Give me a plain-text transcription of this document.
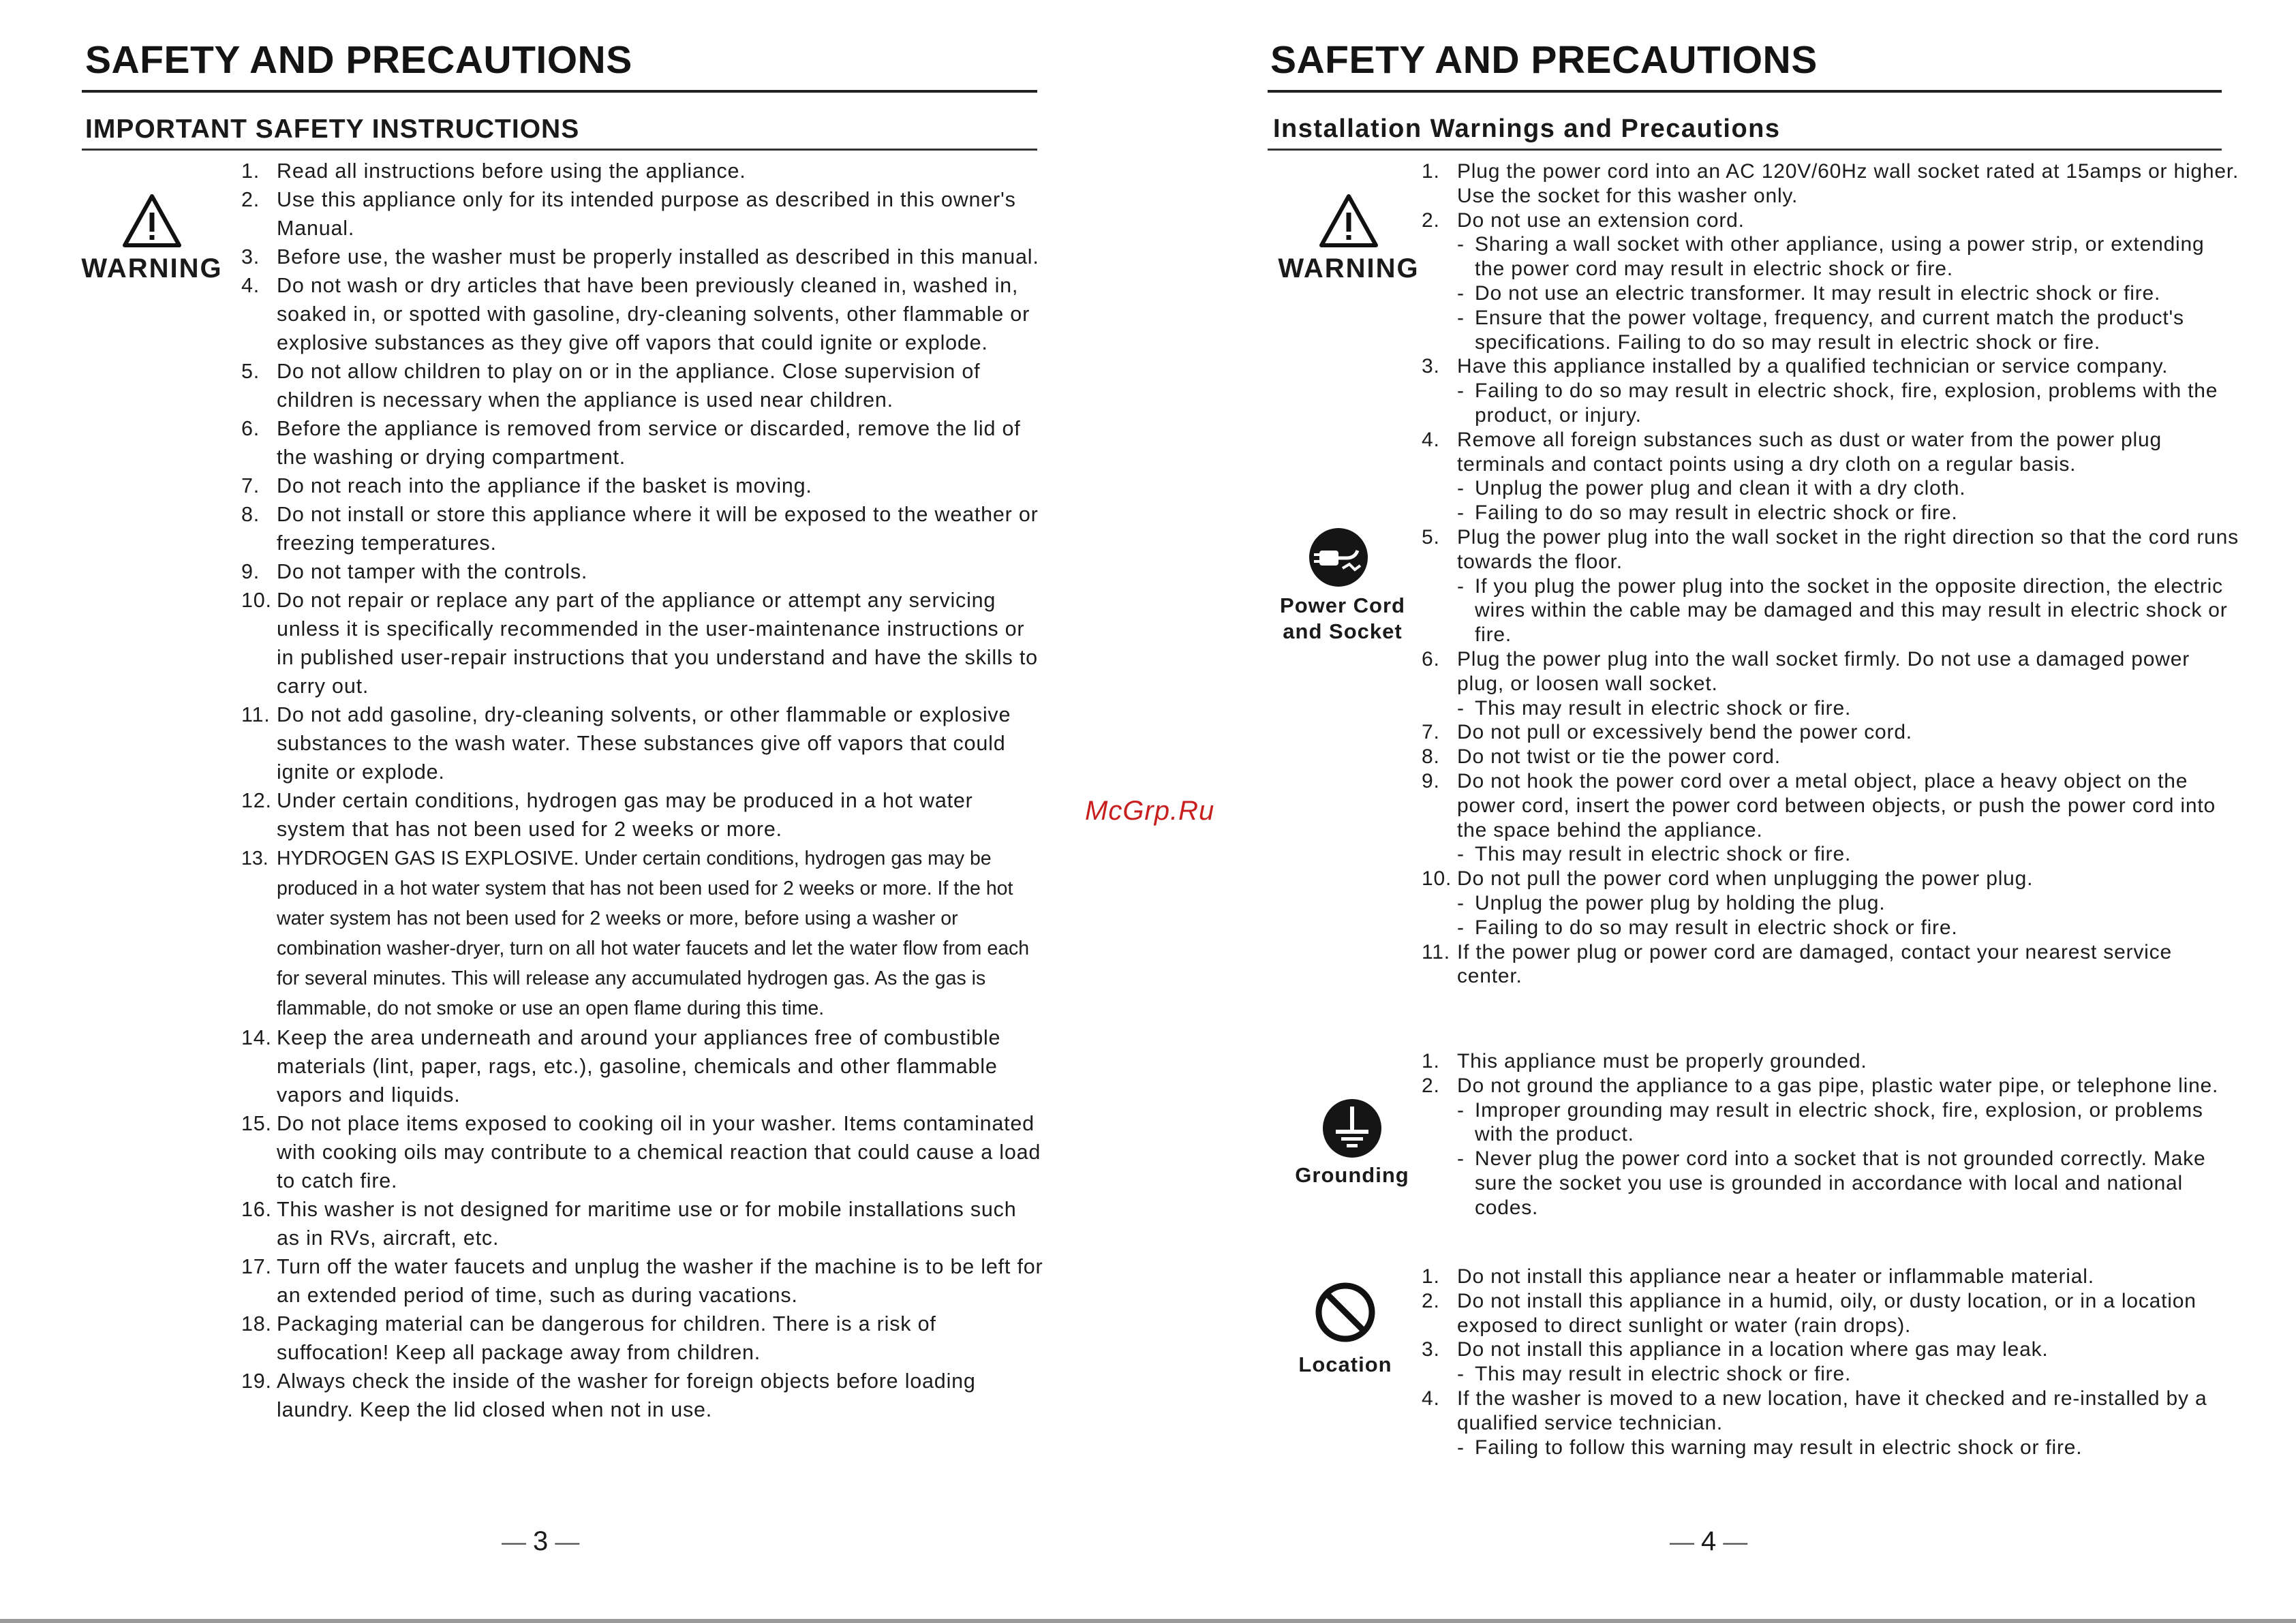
SAFETY AND PRECAUTIONS
IMPORTANT SAFETY INSTRUCTIONS
WARNING
1. Read all instructions before using the appliance.
2. Use this appliance only for its intended purpose as described in this owner's Manual.
3. Before use, the washer must be properly installed as described in this manual.
4. Do not wash or dry articles that have been previously cleaned in, washed in, soaked in, or spotted with gasoline, dry-cleaning solvents, other flammable or explosive substances as they give off vapors that could ignite or explode.
5. Do not allow children to play on or in the appliance. Close supervision of children is necessary when the appliance is used near children.
6. Before the appliance is removed from service or discarded, remove the lid of the washing or drying compartment.
7. Do not reach into the appliance if the basket is moving.
8. Do not install or store this appliance where it will be exposed to the weather or freezing temperatures.
9. Do not tamper with the controls.
10. Do not repair or replace any part of the appliance or attempt any servicing unless it is specifically recommended in the user-maintenance instructions or in published user-repair instructions that you understand and have the skills to carry out.
11. Do not add gasoline, dry-cleaning solvents, or other flammable or explosive substances to the wash water. These substances give off vapors that could ignite or explode.
12. Under certain conditions, hydrogen gas may be produced in a hot water system that has not been used for 2 weeks or more.
13. HYDROGEN GAS IS EXPLOSIVE. Under certain conditions, hydrogen gas may be produced in a hot water system that has not been used for 2 weeks or more. If the hot water system has not been used for 2 weeks or more, before using a washer or combination washer-dryer, turn on all hot water faucets and let the water flow from each for several minutes. This will release any accumulated hydrogen gas. As the gas is flammable, do not smoke or use an open flame during this time.
14. Keep the area underneath and around your appliances free of combustible materials (lint, paper, rags, etc.), gasoline, chemicals and other flammable vapors and liquids.
15. Do not place items exposed to cooking oil in your washer. Items contaminated with cooking oils may contribute to a chemical reaction that could cause a load to catch fire.
16. This washer is not designed for maritime use or for mobile installations such as in RVs, aircraft, etc.
17. Turn off the water faucets and unplug the washer if the machine is to be left for an extended period of time, such as during vacations.
18. Packaging material can be dangerous for children. There is a risk of suffocation! Keep all package away from children.
19. Always check the inside of the washer for foreign objects before loading laundry. Keep the lid closed when not in use.
— 3 —
McGrp.Ru
SAFETY AND PRECAUTIONS
Installation Warnings and Precautions
WARNING
Power Cord
and Socket
Grounding
Location
1. Plug the power cord into an AC 120V/60Hz wall socket rated at 15amps or higher. Use the socket for this washer only.
2. Do not use an extension cord.
- Sharing a wall socket with other appliance, using a power strip, or extending the power cord may result in electric shock or fire.
- Do not use an electric transformer. It may result in electric shock or fire.
- Ensure that the power voltage, frequency, and current match the product's specifications. Failing to do so may result in electric shock or fire.
3. Have this appliance installed by a qualified technician or service company.
- Failing to do so may result in electric shock, fire, explosion, problems with the product, or injury.
4. Remove all foreign substances such as dust or water from the power plug terminals and contact points using a dry cloth on a regular basis.
- Unplug the power plug and clean it with a dry cloth.
- Failing to do so may result in electric shock or fire.
5. Plug the power plug into the wall socket in the right direction so that the cord runs towards the floor.
- If you plug the power plug into the socket in the opposite direction, the electric wires within the cable may be damaged and this may result in electric shock or fire.
6. Plug the power plug into the wall socket firmly. Do not use a damaged power plug, or loosen wall socket.
- This may result in electric shock or fire.
7. Do not pull or excessively bend the power cord.
8. Do not twist or tie the power cord.
9. Do not hook the power cord over a metal object, place a heavy object on the power cord, insert the power cord between objects, or push the power cord into the space behind the appliance.
- This may result in electric shock or fire.
10. Do not pull the power cord when unplugging the power plug.
- Unplug the power plug by holding the plug.
- Failing to do so may result in electric shock or fire.
11. If the power plug or power cord are damaged, contact your nearest service center.
1. This appliance must be properly grounded.
2. Do not ground the appliance to a gas pipe, plastic water pipe, or telephone line.
- Improper grounding may result in electric shock, fire, explosion, or problems with the product.
- Never plug the power cord into a socket that is not grounded correctly. Make sure the socket you use is grounded in accordance with local and national codes.
1. Do not install this appliance near a heater or inflammable material.
2. Do not install this appliance in a humid, oily, or dusty location, or in a location exposed to direct sunlight or water (rain drops).
3. Do not install this appliance in a location where gas may leak.
- This may result in electric shock or fire.
4. If the washer is moved to a new location, have it checked and re-installed by a qualified service technician.
- Failing to follow this warning may result in electric shock or fire.
— 4 —
